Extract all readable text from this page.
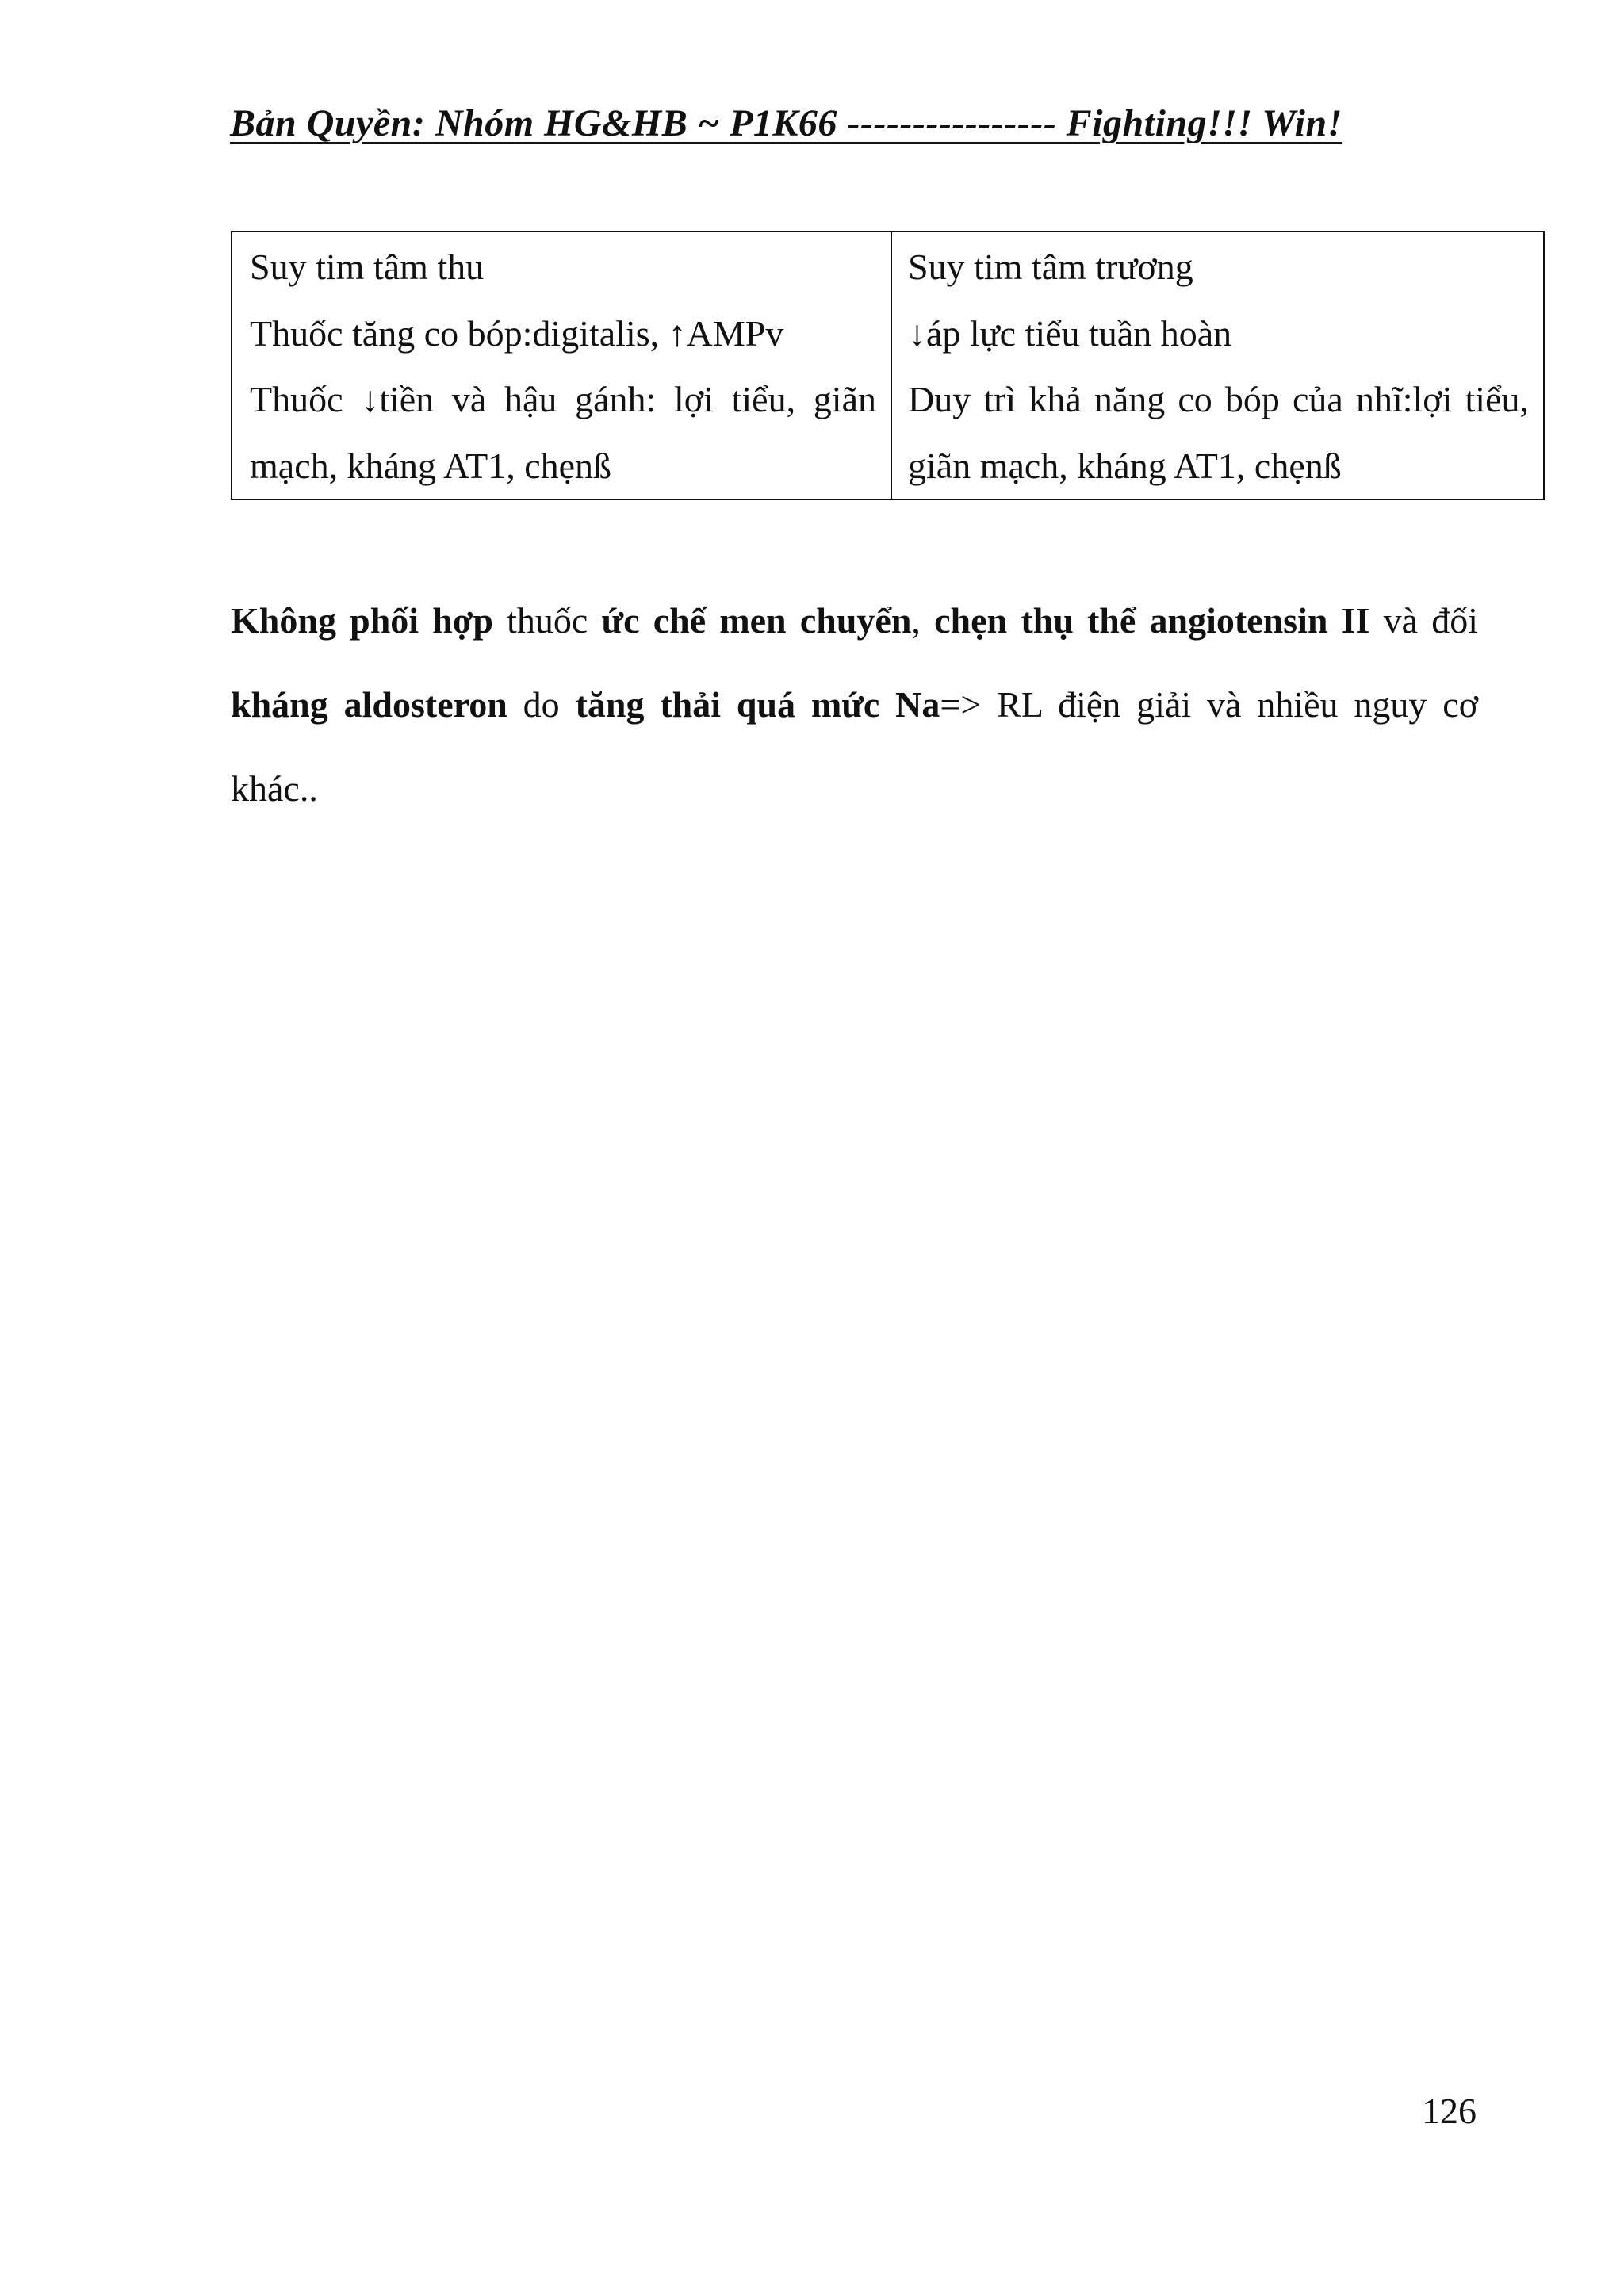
Bản Quyền: Nhóm HG&HB ~ P1K66 ---------------- Fighting!!! Win!
Suy tim tâm thu
Thuốc tăng co bóp:digitalis, ↑AMPv
Thuốc ↓tiền và hậu gánh: lợi tiểu, giãn mạch, kháng AT1, chẹnß

Suy tim tâm trương
↓áp lực tiểu tuần hoàn
Duy trì khả năng co bóp của nhĩ:lợi tiểu, giãn mạch, kháng AT1, chẹnß
Không phối hợp thuốc ức chế men chuyển, chẹn thụ thể angiotensin II và đối kháng aldosteron do tăng thải quá mức Na=> RL điện giải và nhiều nguy cơ khác..
126
